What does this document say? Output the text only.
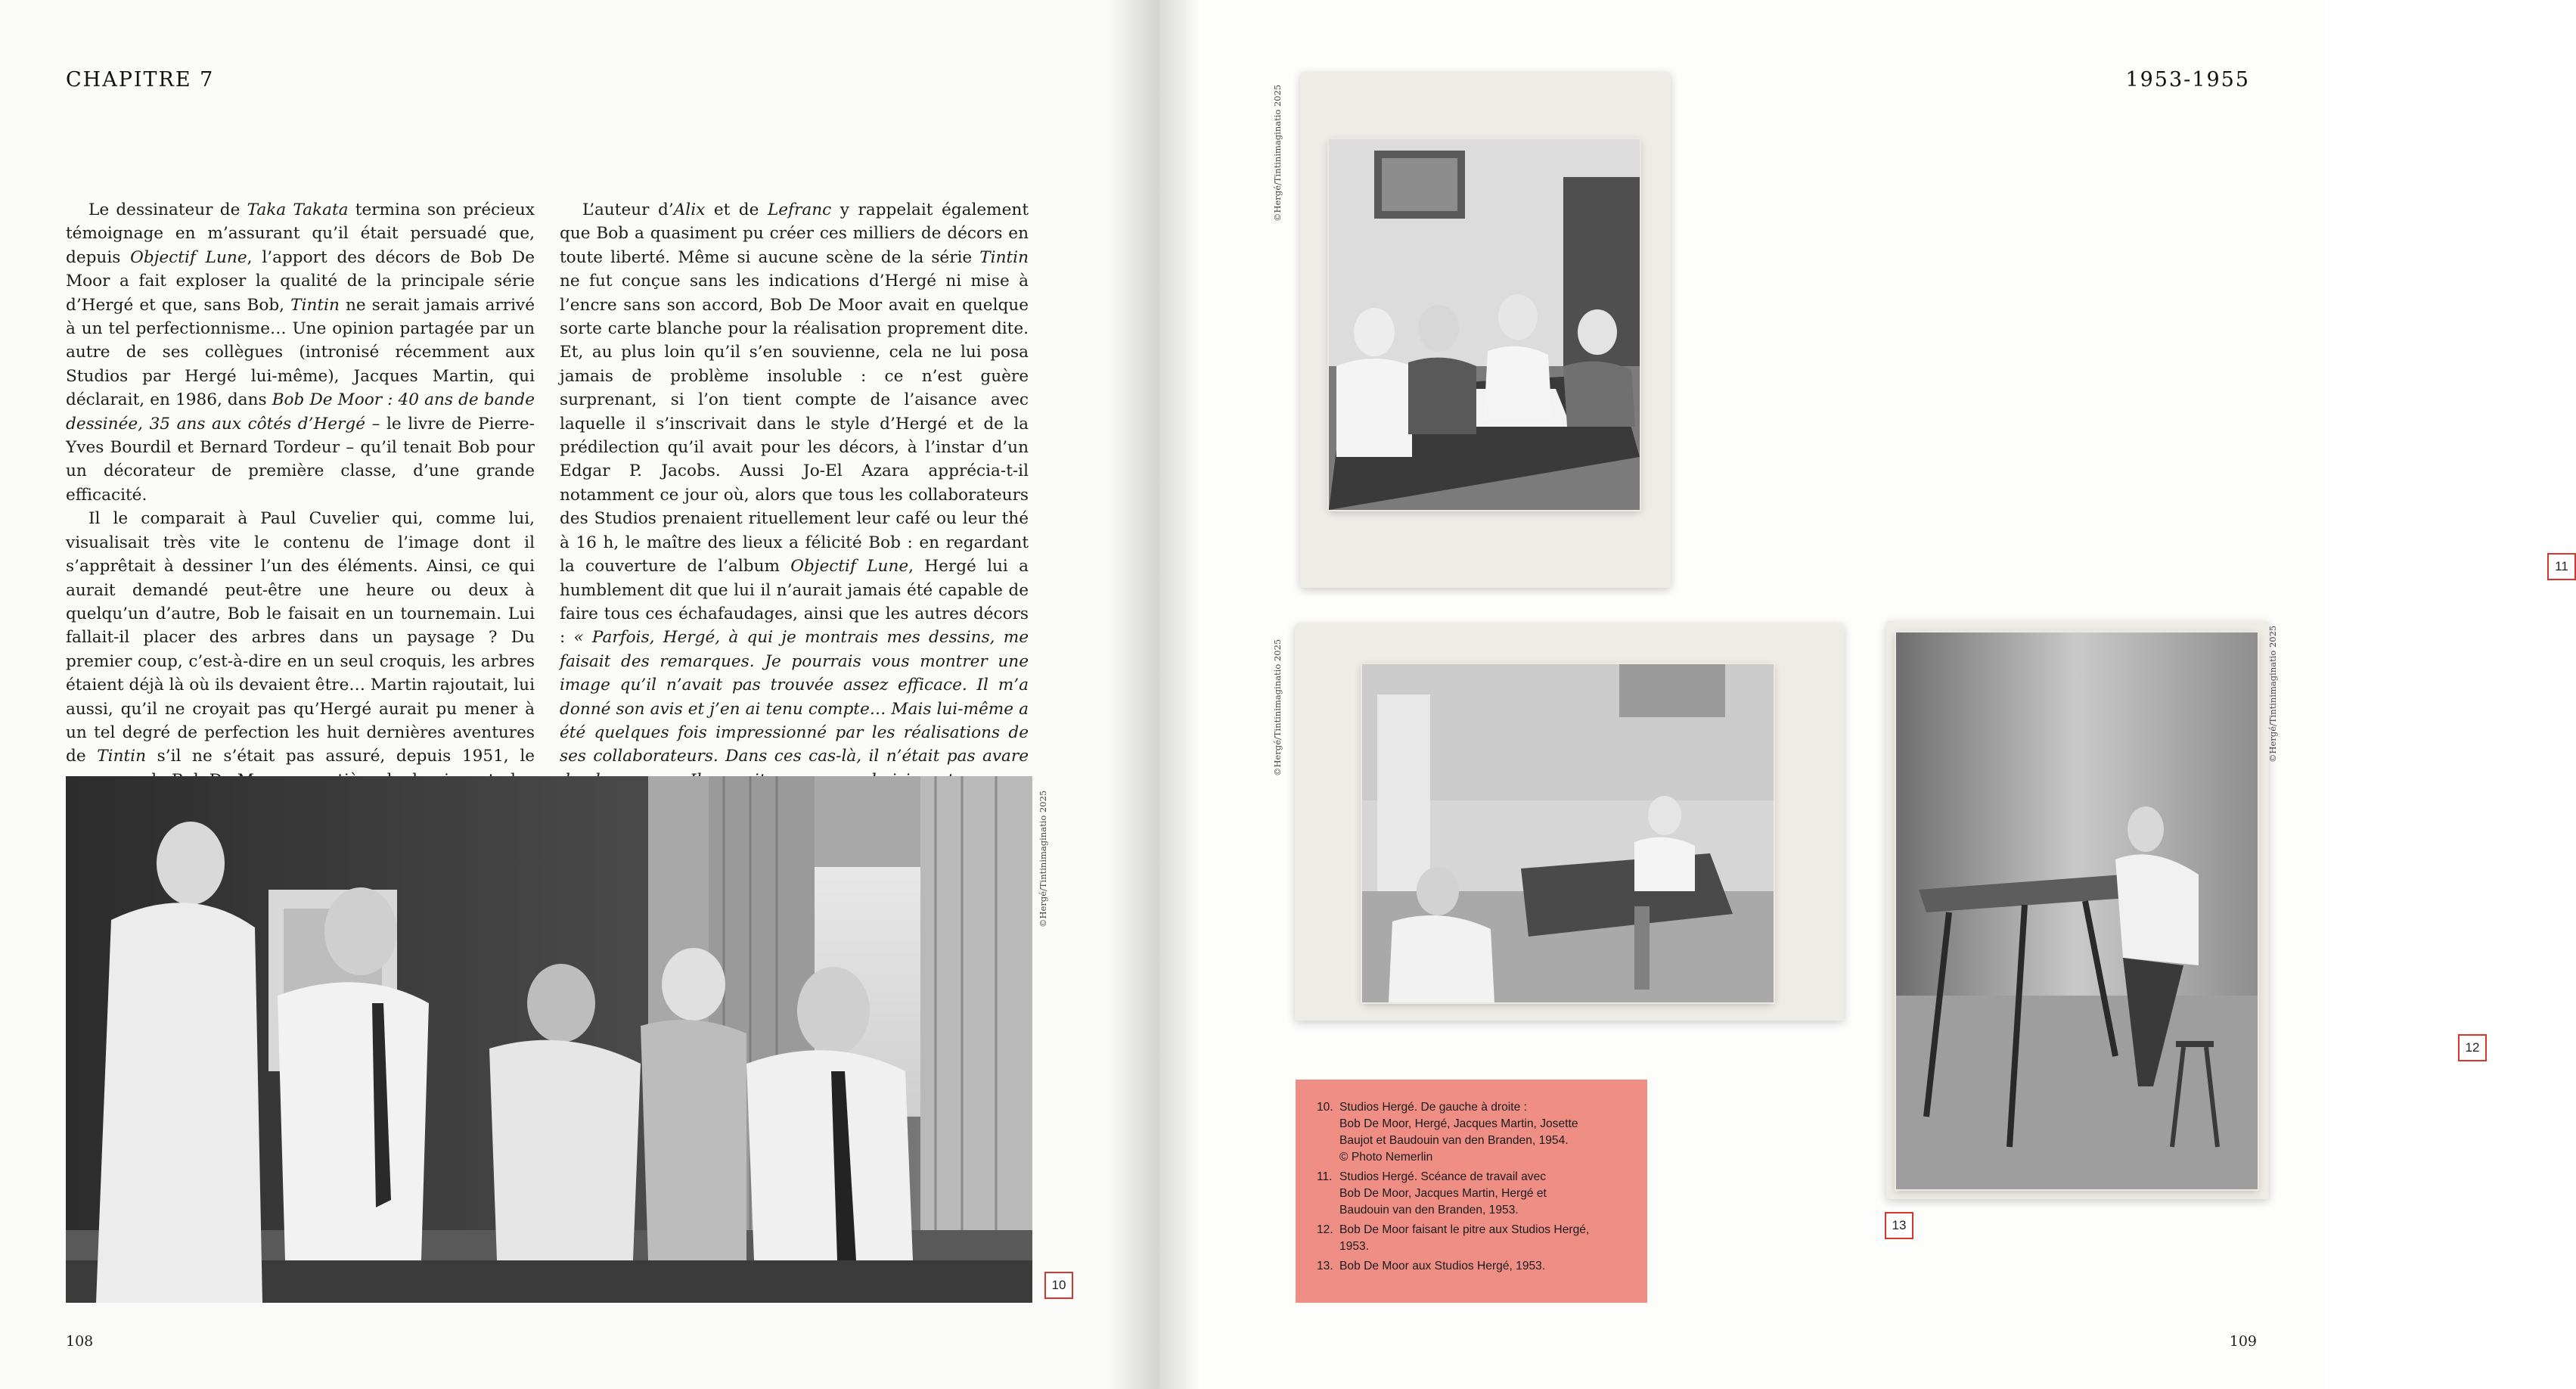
CHAPITRE 7

Le dessinateur de Taka Takata termina son précieux témoignage en m’assurant qu’il était persuadé que, depuis Objectif Lune, l’apport des décors de Bob De Moor a fait exploser la qualité de la principale série d’Hergé et que, sans Bob, Tintin ne serait jamais arrivé à un tel perfectionnisme… Une opinion partagée par un autre de ses collègues (intronisé récemment aux Studios par Hergé lui-même), Jacques Martin, qui déclarait, en 1986, dans Bob De Moor : 40 ans de bande dessinée, 35 ans aux côtés d’Hergé – le livre de Pierre-Yves Bourdil et Bernard Tordeur – qu’il tenait Bob pour un décorateur de première classe, d’une grande efficacité.

Il le comparait à Paul Cuvelier qui, comme lui, visualisait très vite le contenu de l’image dont il s’apprêtait à dessiner l’un des éléments. Ainsi, ce qui aurait demandé peut-être une heure ou deux à quelqu’un d’autre, Bob le faisait en un tournemain. Lui fallait-il placer des arbres dans un paysage ? Du premier coup, c’est-à-dire en un seul croquis, les arbres étaient déjà là où ils devaient être… Martin rajoutait, lui aussi, qu’il ne croyait pas qu’Hergé aurait pu mener à un tel degré de perfection les huit dernières aventures de Tintin s’il ne s’était pas assuré, depuis 1951, le

L’auteur d’Alix et de Lefranc y rappelait également que Bob a quasiment pu créer ces milliers de décors en toute liberté. Même si aucune scène de la série Tintin ne fut conçue sans les indications d’Hergé ni mise à l’encre sans son accord, Bob De Moor avait en quelque sorte carte blanche pour la réalisation proprement dite. Et, au plus loin qu’il s’en souvienne, cela ne lui posa jamais de problème insoluble : ce n’est guère surprenant, si l’on tient compte de l’aisance avec laquelle il s’inscrivait dans le style d’Hergé et de la prédilection qu’il avait pour les décors, à l’instar d’un Edgar P. Jacobs. Aussi Jo-El Azara apprécia-t-il notamment ce jour où, alors que tous les collaborateurs des Studios prenaient rituellement leur café ou leur thé à 16 h, le maître des lieux a félicité Bob : en regardant la couverture de l’album Objectif Lune, Hergé lui a humblement dit que lui il n’aurait jamais été capable de faire tous ces échafaudages, ainsi que les autres décors : « Parfois, Hergé, à qui je montrais mes dessins, me faisait des remarques. Je pourrais vous montrer une image qu’il n’avait pas trouvée assez efficace. Il m’a donné son avis et j’en ai tenu compte… Mais lui-même a été quelques fois impressionné par les réalisations de ses collaborateurs. Dans ces cas-là, il n’était pas avare

10
©Hergé/Tintinimaginatio 2025
108
1953-1955
11
©Hergé/Tintinimaginatio 2025
12
©Hergé/Tintinimaginatio 2025
13
©Hergé/Tintinimaginatio 2025
109
10. Studios Hergé. De gauche à droite :
Bob De Moor, Hergé, Jacques Martin, Josette
Baujot et Baudouin van den Branden, 1954.
© Photo Nemerlin
11. Studios Hergé. Scéance de travail avec
Bob De Moor, Jacques Martin, Hergé et
Baudouin van den Branden, 1953.
12. Bob De Moor faisant le pitre aux Studios Hergé,
1953.
13. Bob De Moor aux Studios Hergé, 1953.
